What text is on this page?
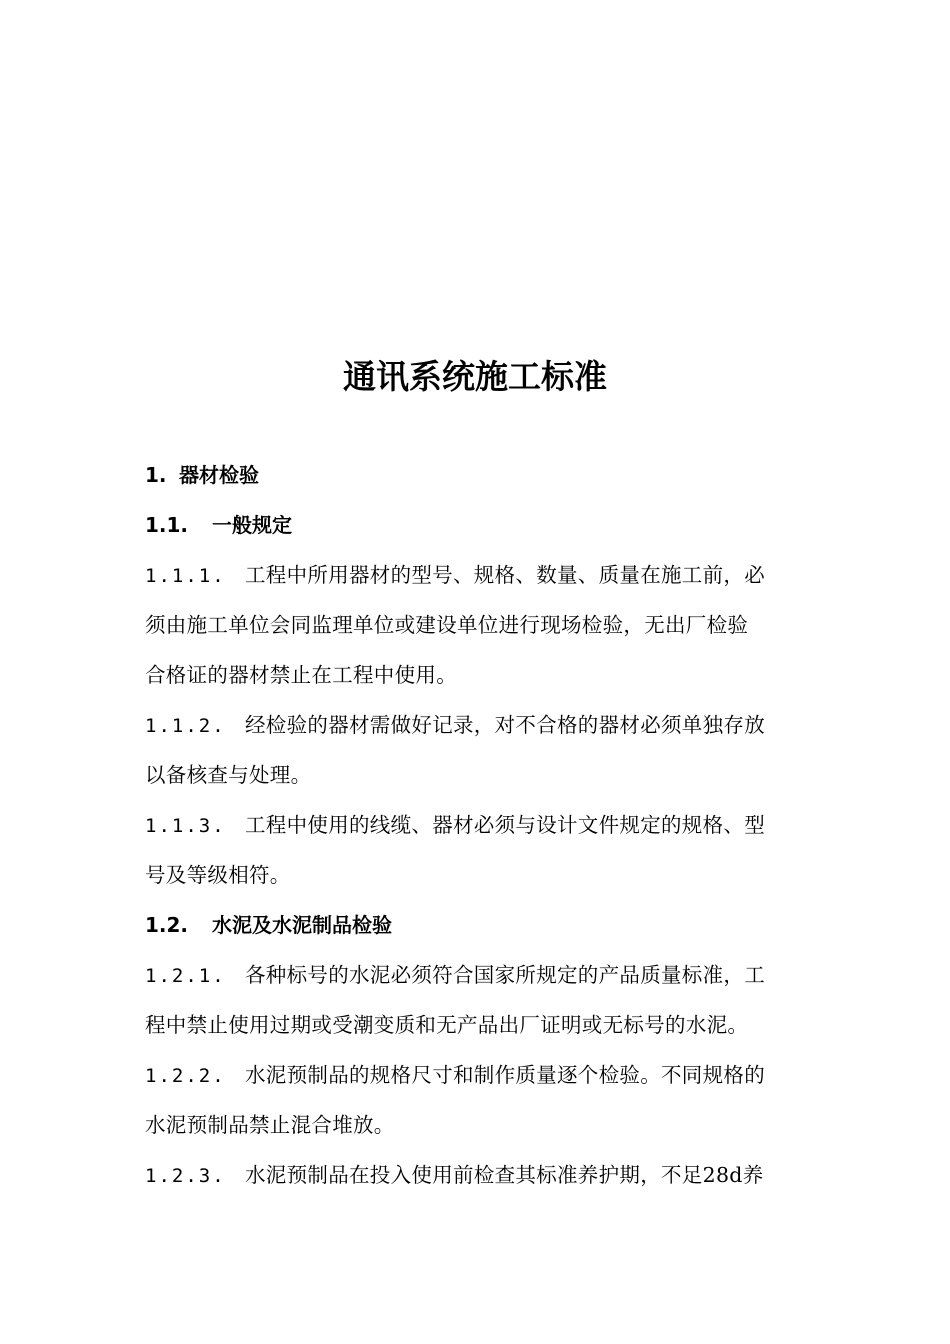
通讯系统施工标准
1. 器材检验
1.1. 一般规定
1.1.1. 工程中所用器材的型号、规格、数量、质量在施工前，必
须由施工单位会同监理单位或建设单位进行现场检验，无出厂检验
合格证的器材禁止在工程中使用。
1.1.2. 经检验的器材需做好记录，对不合格的器材必须单独存放
以备核查与处理。
1.1.3. 工程中使用的线缆、器材必须与设计文件规定的规格、型
号及等级相符。
1.2. 水泥及水泥制品检验
1.2.1. 各种标号的水泥必须符合国家所规定的产品质量标准，工
程中禁止使用过期或受潮变质和无产品出厂证明或无标号的水泥。
1.2.2. 水泥预制品的规格尺寸和制作质量逐个检验。不同规格的
水泥预制品禁止混合堆放。
1.2.3. 水泥预制品在投入使用前检查其标准养护期，不足28d养
